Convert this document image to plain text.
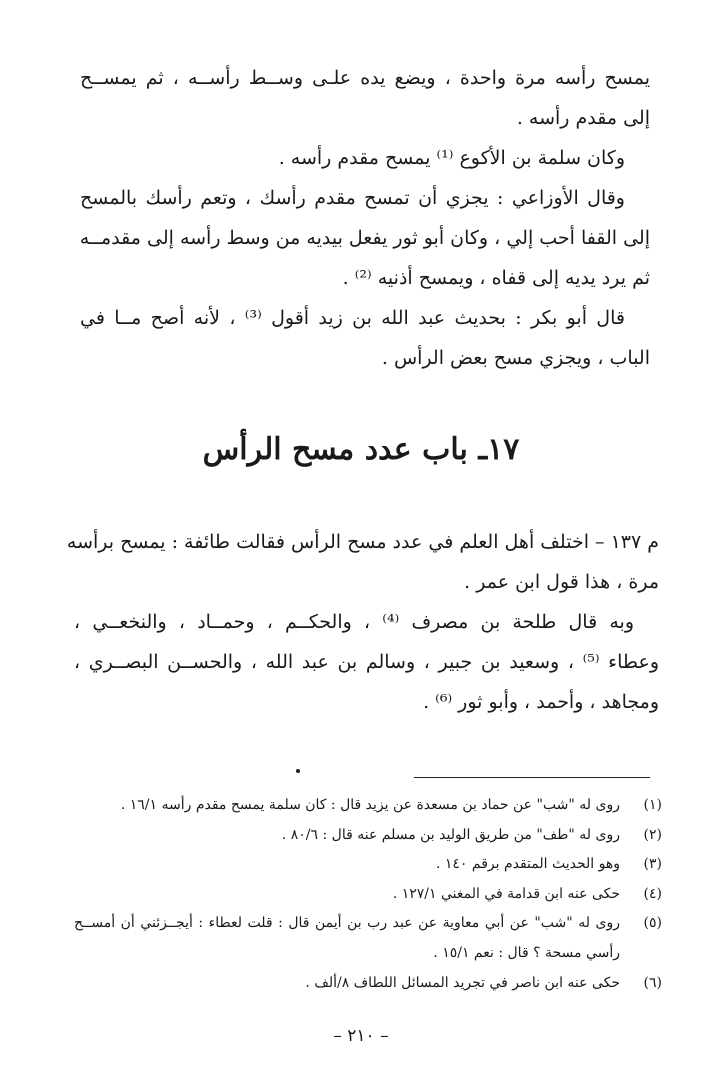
يمسح رأسه مرة واحدة ، ويضع يده علـى وســط رأســه ، ثم يمســح
إلى مقدم رأسه .
وكان سلمة بن الأكوع ⁽¹⁾ يمسح مقدم رأسه .
وقال الأوزاعي : يجزي أن تمسح مقدم رأسك ، وتعم رأسك بالمسح
إلى القفا أحب إلي ، وكان أبو ثور يفعل بيديه من وسط رأسه إلى مقدمــه
ثم يرد يديه إلى قفاه ، ويمسح أذنيه ⁽²⁾ .
قال أبو بكر : بحديث عبد الله بن زيد أقول ⁽³⁾ ، لأنه أصح مــا في
الباب ، ويجزي مسح بعض الرأس .
١٧ـ باب عدد مسح الرأس
م ١٣٧ – اختلف أهل العلم في عدد مسح الرأس فقالت طائفة : يمسح برأسه
مرة ، هذا قول ابن عمر .
وبه قال طلحة بن مصرف ⁽⁴⁾ ، والحكــم ، وحمــاد ، والنخعــي ،
وعطاء ⁽⁵⁾ ، وسعيد بن جبير ، وسالم بن عبد الله ، والحســن البصــري ،
ومجاهد ، وأحمد ، وأبو ثور ⁽⁶⁾ .
(١)
روى له "شب" عن حماد بن مسعدة عن يزيد قال : كان سلمة يمسح مقدم رأسه ١٦/١ .
(٢)
روى له "طف" من طريق الوليد بن مسلم عنه قال : ٨٠/٦ .
(٣)
وهو الحديث المتقدم برقم ١٤٠ .
(٤)
حكى عنه ابن قدامة في المغني ١٢٧/١ .
(٥)
روى له "شب" عن أبي معاوية عن عبد رب بن أيمن قال : قلت لعطاء : أيجــزئني أن أمســح
رأسي مسحة ؟ قال : نعم ١٥/١ .
(٦)
حكى عنه ابن ناصر في تجريد المسائل اللطاف ٨/ألف .
– ٢١٠ –
